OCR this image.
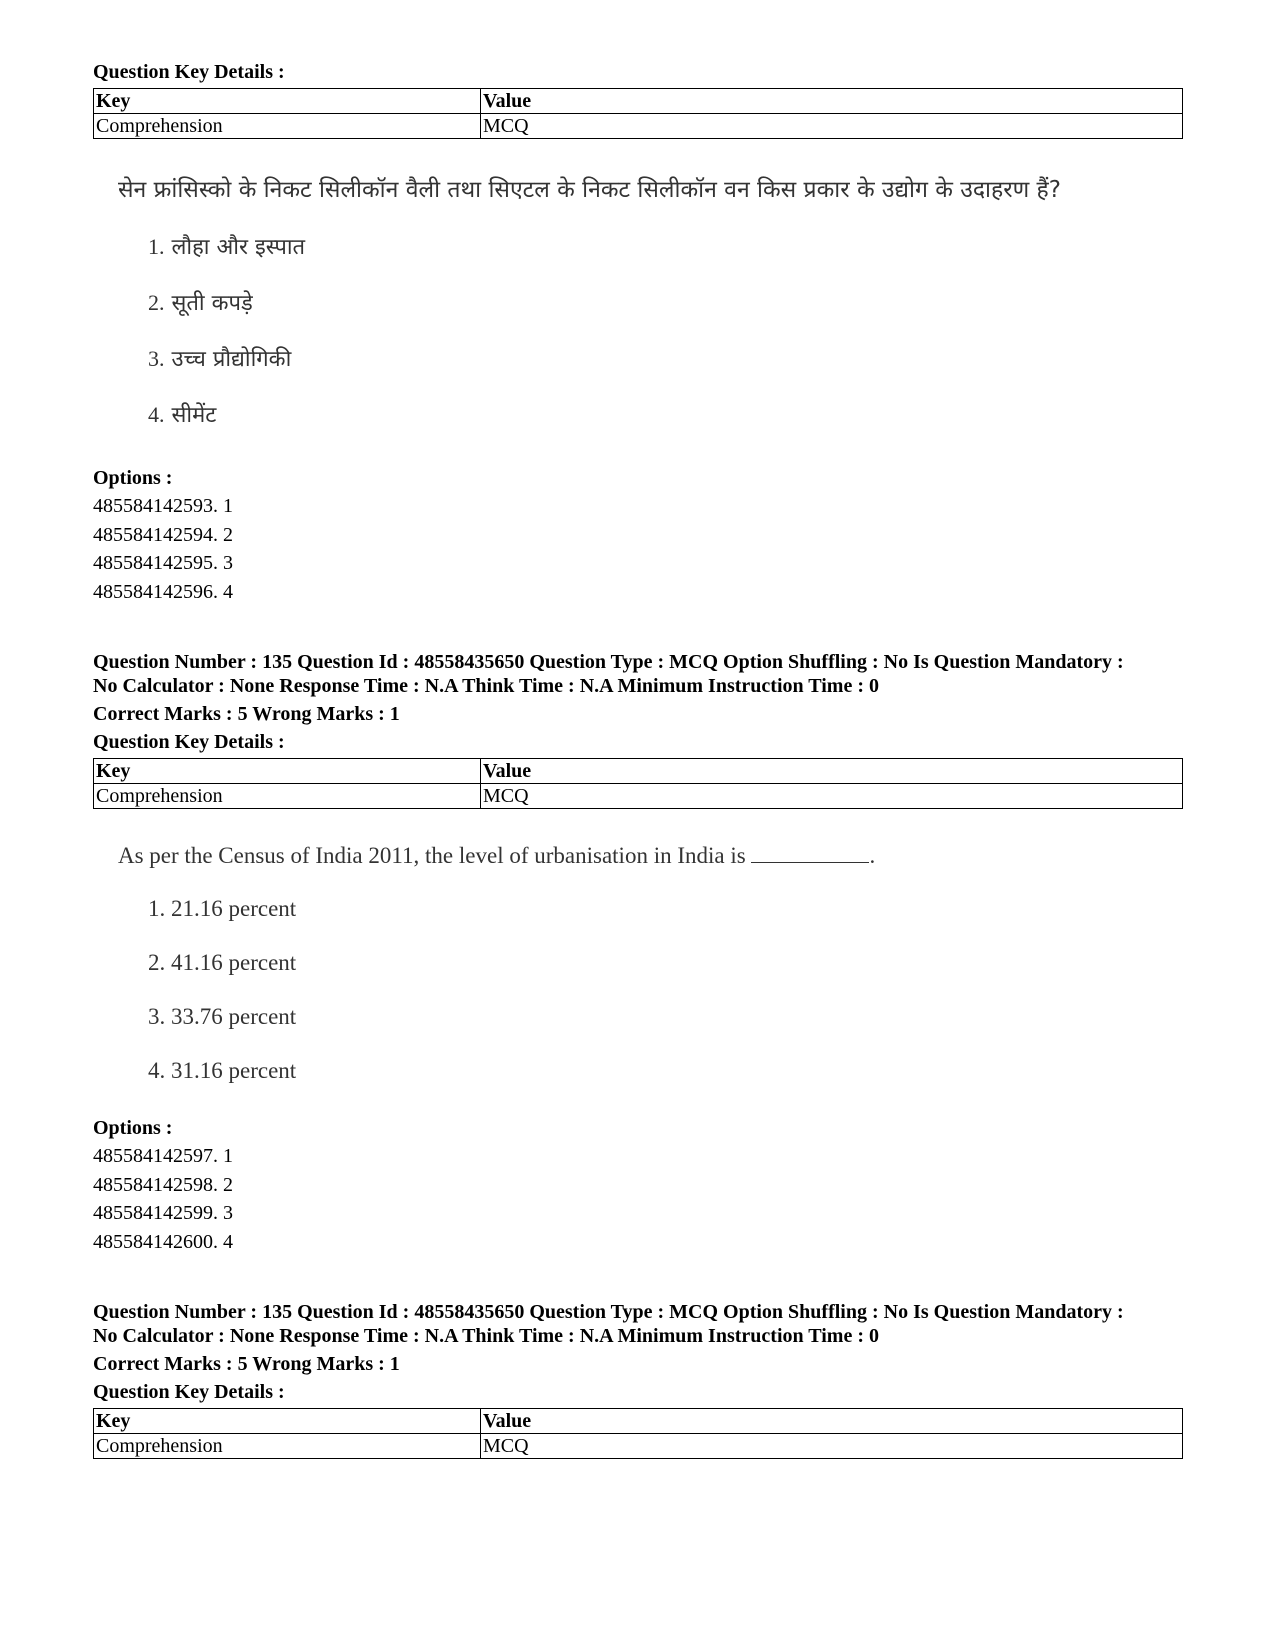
Question Key Details :
Key	Value
Comprehension	MCQ
सेन फ्रांसिस्को के निकट सिलीकॉन वैली तथा सिएटल के निकट सिलीकॉन वन किस प्रकार के उद्योग के उदाहरण हैं?
1. लौहा और इस्पात
2. सूती कपड़े
3. उच्च प्रौद्योगिकी
4. सीमेंट
Options :
485584142593. 1
485584142594. 2
485584142595. 3
485584142596. 4
Question Number : 135 Question Id : 48558435650 Question Type : MCQ Option Shuffling : No Is Question Mandatory :
No Calculator : None Response Time : N.A Think Time : N.A Minimum Instruction Time : 0
Correct Marks : 5 Wrong Marks : 1
Question Key Details :
Key	Value
Comprehension	MCQ
As per the Census of India 2011, the level of urbanisation in India is	.
1. 21.16 percent
2. 41.16 percent
3. 33.76 percent
4. 31.16 percent
Options :
485584142597. 1
485584142598. 2
485584142599. 3
485584142600. 4
Question Number : 135 Question Id : 48558435650 Question Type : MCQ Option Shuffling : No Is Question Mandatory :
No Calculator : None Response Time : N.A Think Time : N.A Minimum Instruction Time : 0
Correct Marks : 5 Wrong Marks : 1
Question Key Details :
Key	Value
Comprehension	MCQ
